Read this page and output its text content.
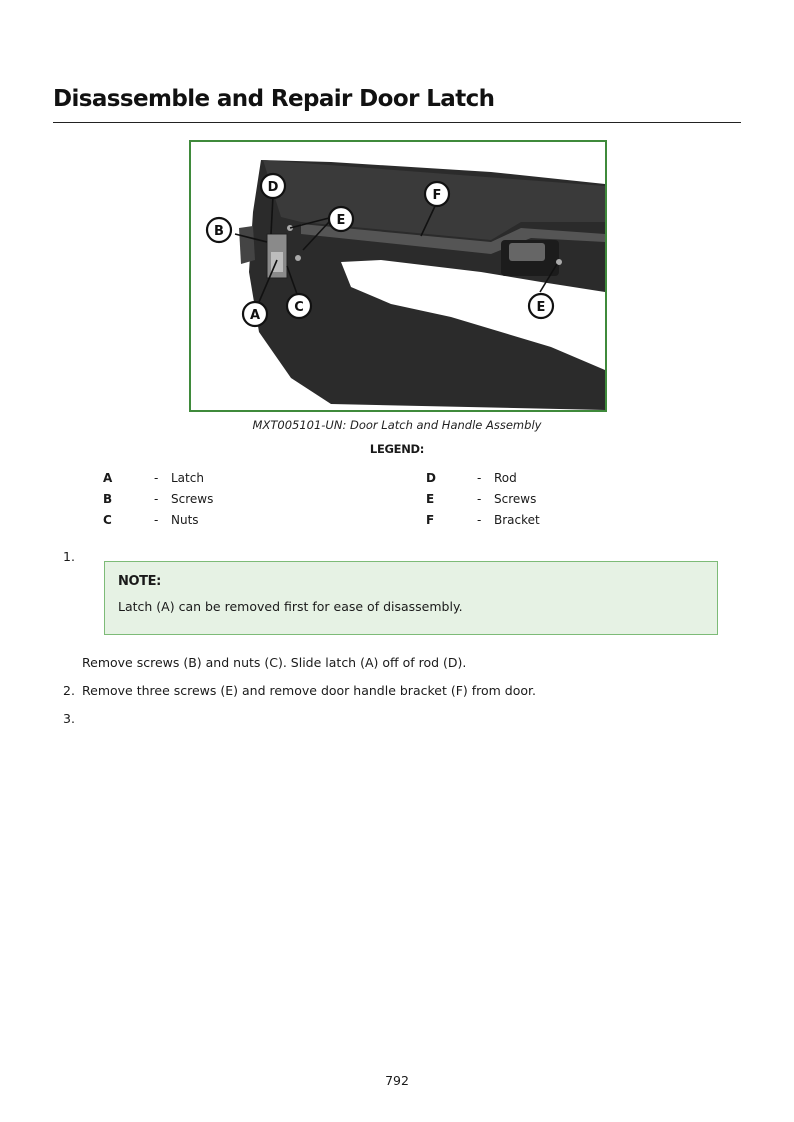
Disassemble and Repair Door Latch
D
B
E
F
A
C	E
MXT005101-UN: Door Latch and Handle Assembly
LEGEND:
A	- Latch
B	- Screws
C	- Nuts
D	- Rod
E	- Screws
F	- Bracket
1.
NOTE:
Latch (A) can be removed first for ease of disassembly.
Remove screws (B) and nuts (C). Slide latch (A) off of rod (D).
2. Remove three screws (E) and remove door handle bracket (F) from door.
3.
792
